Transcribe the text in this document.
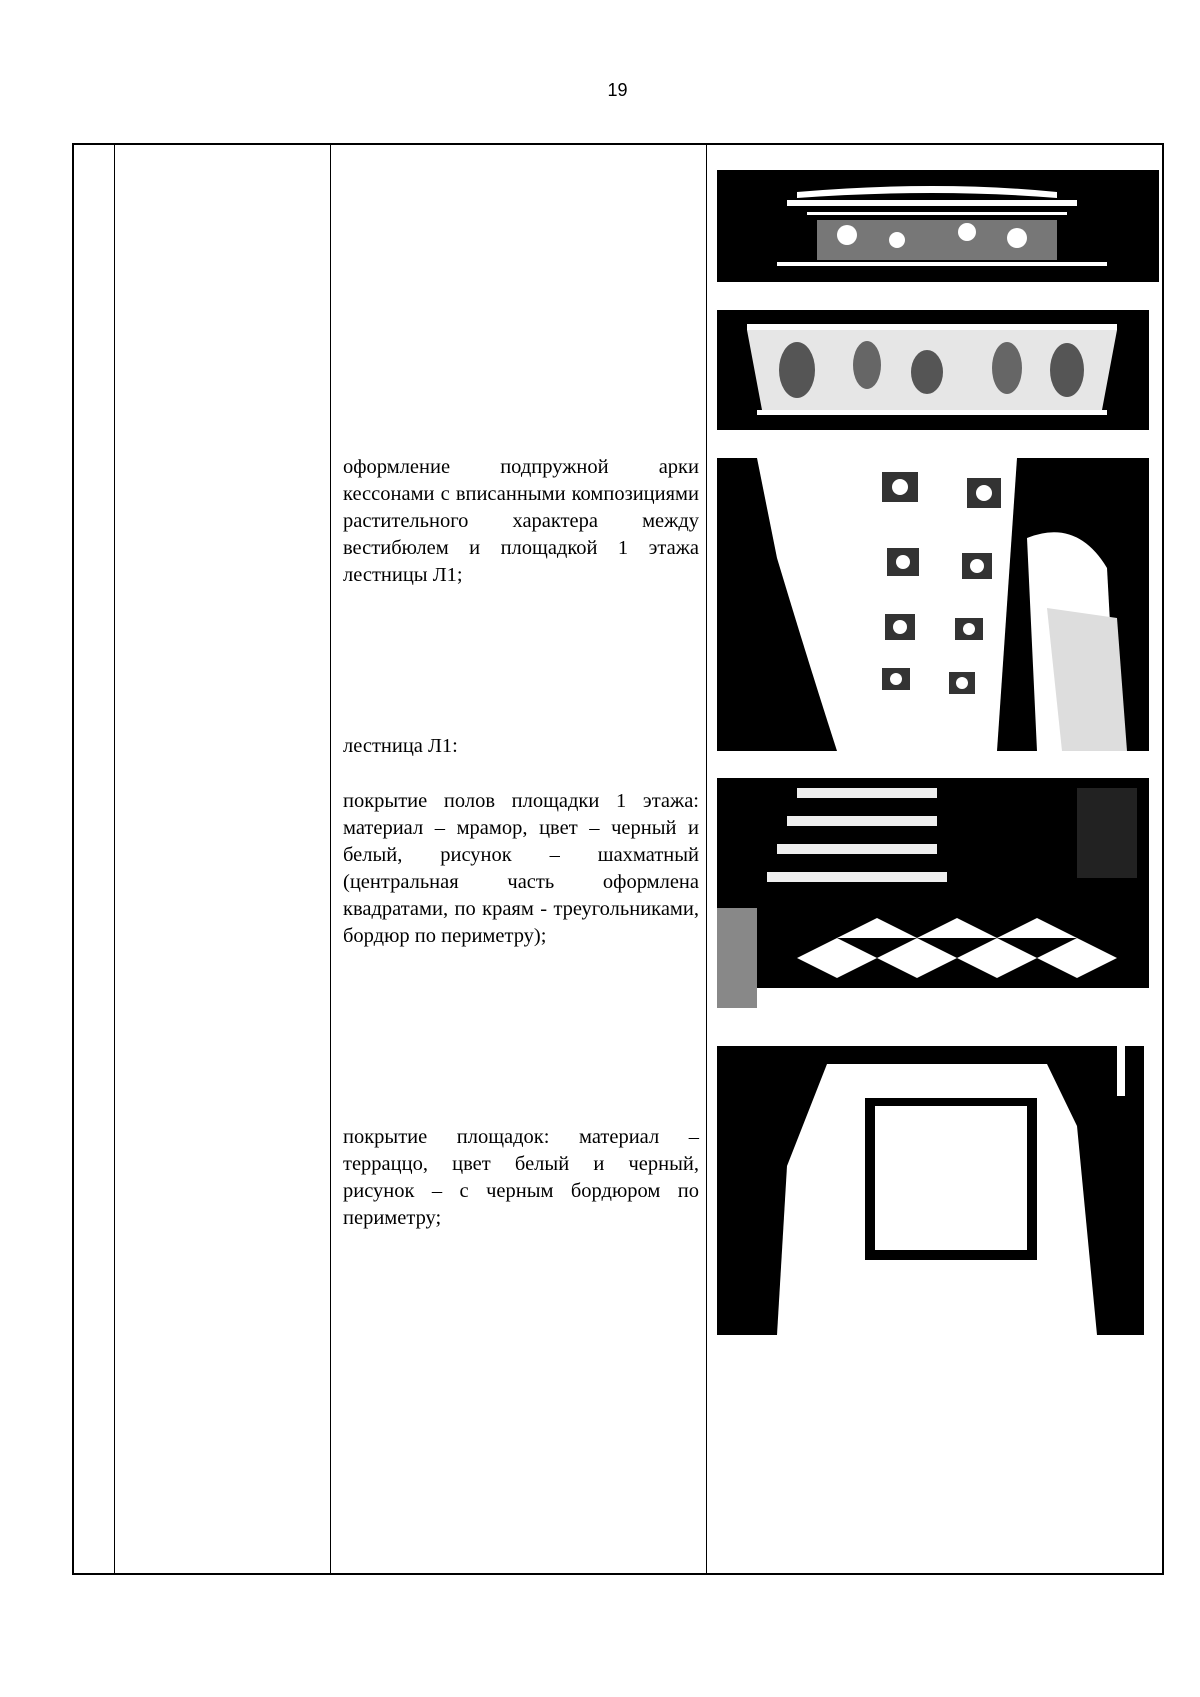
19
оформление подпружной арки кессонами с вписанными композициями растительного характера между вестибюлем и площадкой 1 этажа лестницы Л1;
лестница Л1:
покрытие полов площадки 1 этажа: материал – мрамор, цвет – черный и белый, рисунок – шахматный (центральная часть оформлена квадратами, по краям - треугольниками, бордюр по периметру);
покрытие площадок: материал – терраццо, цвет белый и черный, рисунок – с черным бордюром по периметру;
